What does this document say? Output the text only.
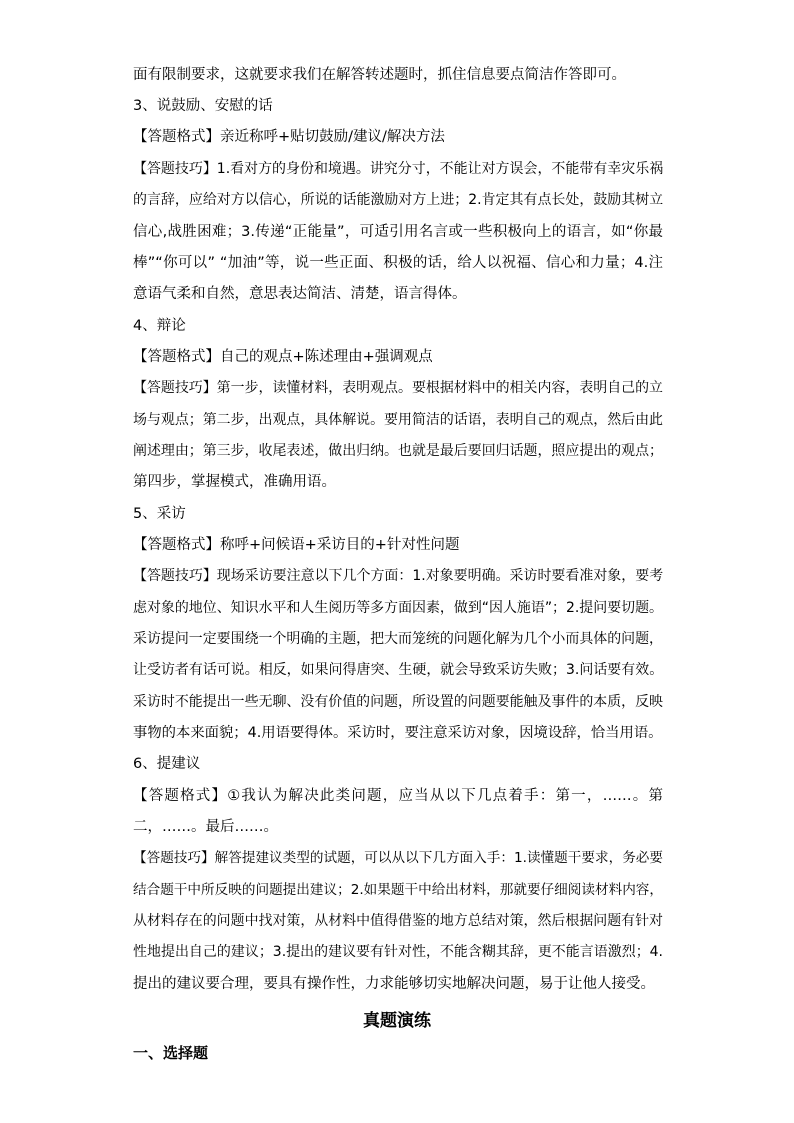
面有限制要求，这就要求我们在解答转述题时，抓住信息要点简洁作答即可。
3、说鼓励、安慰的话
【答题格式】亲近称呼+贴切鼓励/建议/解决方法
【答题技巧】1.看对方的身份和境遇。讲究分寸，不能让对方误会，不能带有幸灾乐祸
的言辞，应给对方以信心，所说的话能激励对方上进；2.肯定其有点长处，鼓励其树立
信心,战胜困难；3.传递“正能量”，可适引用名言或一些积极向上的语言，如“你最
棒”“你可以” “加油”等，说一些正面、积极的话，给人以祝福、信心和力量；4.注
意语气柔和自然，意思表达简洁、清楚，语言得体。
4、辩论
【答题格式】自己的观点+陈述理由+强调观点
【答题技巧】第一步，读懂材料，表明观点。要根据材料中的相关内容，表明自己的立
场与观点；第二步，出观点，具体解说。要用简洁的话语，表明自己的观点，然后由此
阐述理由；第三步，收尾表述，做出归纳。也就是最后要回归话题，照应提出的观点；
第四步，掌握模式，准确用语。
5、采访
【答题格式】称呼+问候语+采访目的+针对性问题
【答题技巧】现场采访要注意以下几个方面：1.对象要明确。采访时要看准对象，要考
虑对象的地位、知识水平和人生阅历等多方面因素，做到“因人施语”；2.提问要切题。
采访提问一定要围绕一个明确的主题，把大而笼统的问题化解为几个小而具体的问题，
让受访者有话可说。相反，如果问得唐突、生硬，就会导致采访失败；3.问话要有效。
采访时不能提出一些无聊、没有价值的问题，所设置的问题要能触及事件的本质，反映
事物的本来面貌；4.用语要得体。采访时，要注意采访对象，因境设辞，恰当用语。
6、提建议
【答题格式】①我认为解决此类问题，应当从以下几点着手：第一，……。第
二，……。最后……。
【答题技巧】解答提建议类型的试题，可以从以下几方面入手：1.读懂题干要求，务必要
结合题干中所反映的问题提出建议；2.如果题干中给出材料，那就要仔细阅读材料内容，
从材料存在的问题中找对策，从材料中值得借鉴的地方总结对策，然后根据问题有针对
性地提出自己的建议；3.提出的建议要有针对性，不能含糊其辞，更不能言语激烈；4.
提出的建议要合理，要具有操作性，力求能够切实地解决问题，易于让他人接受。
真题演练
一、选择题
